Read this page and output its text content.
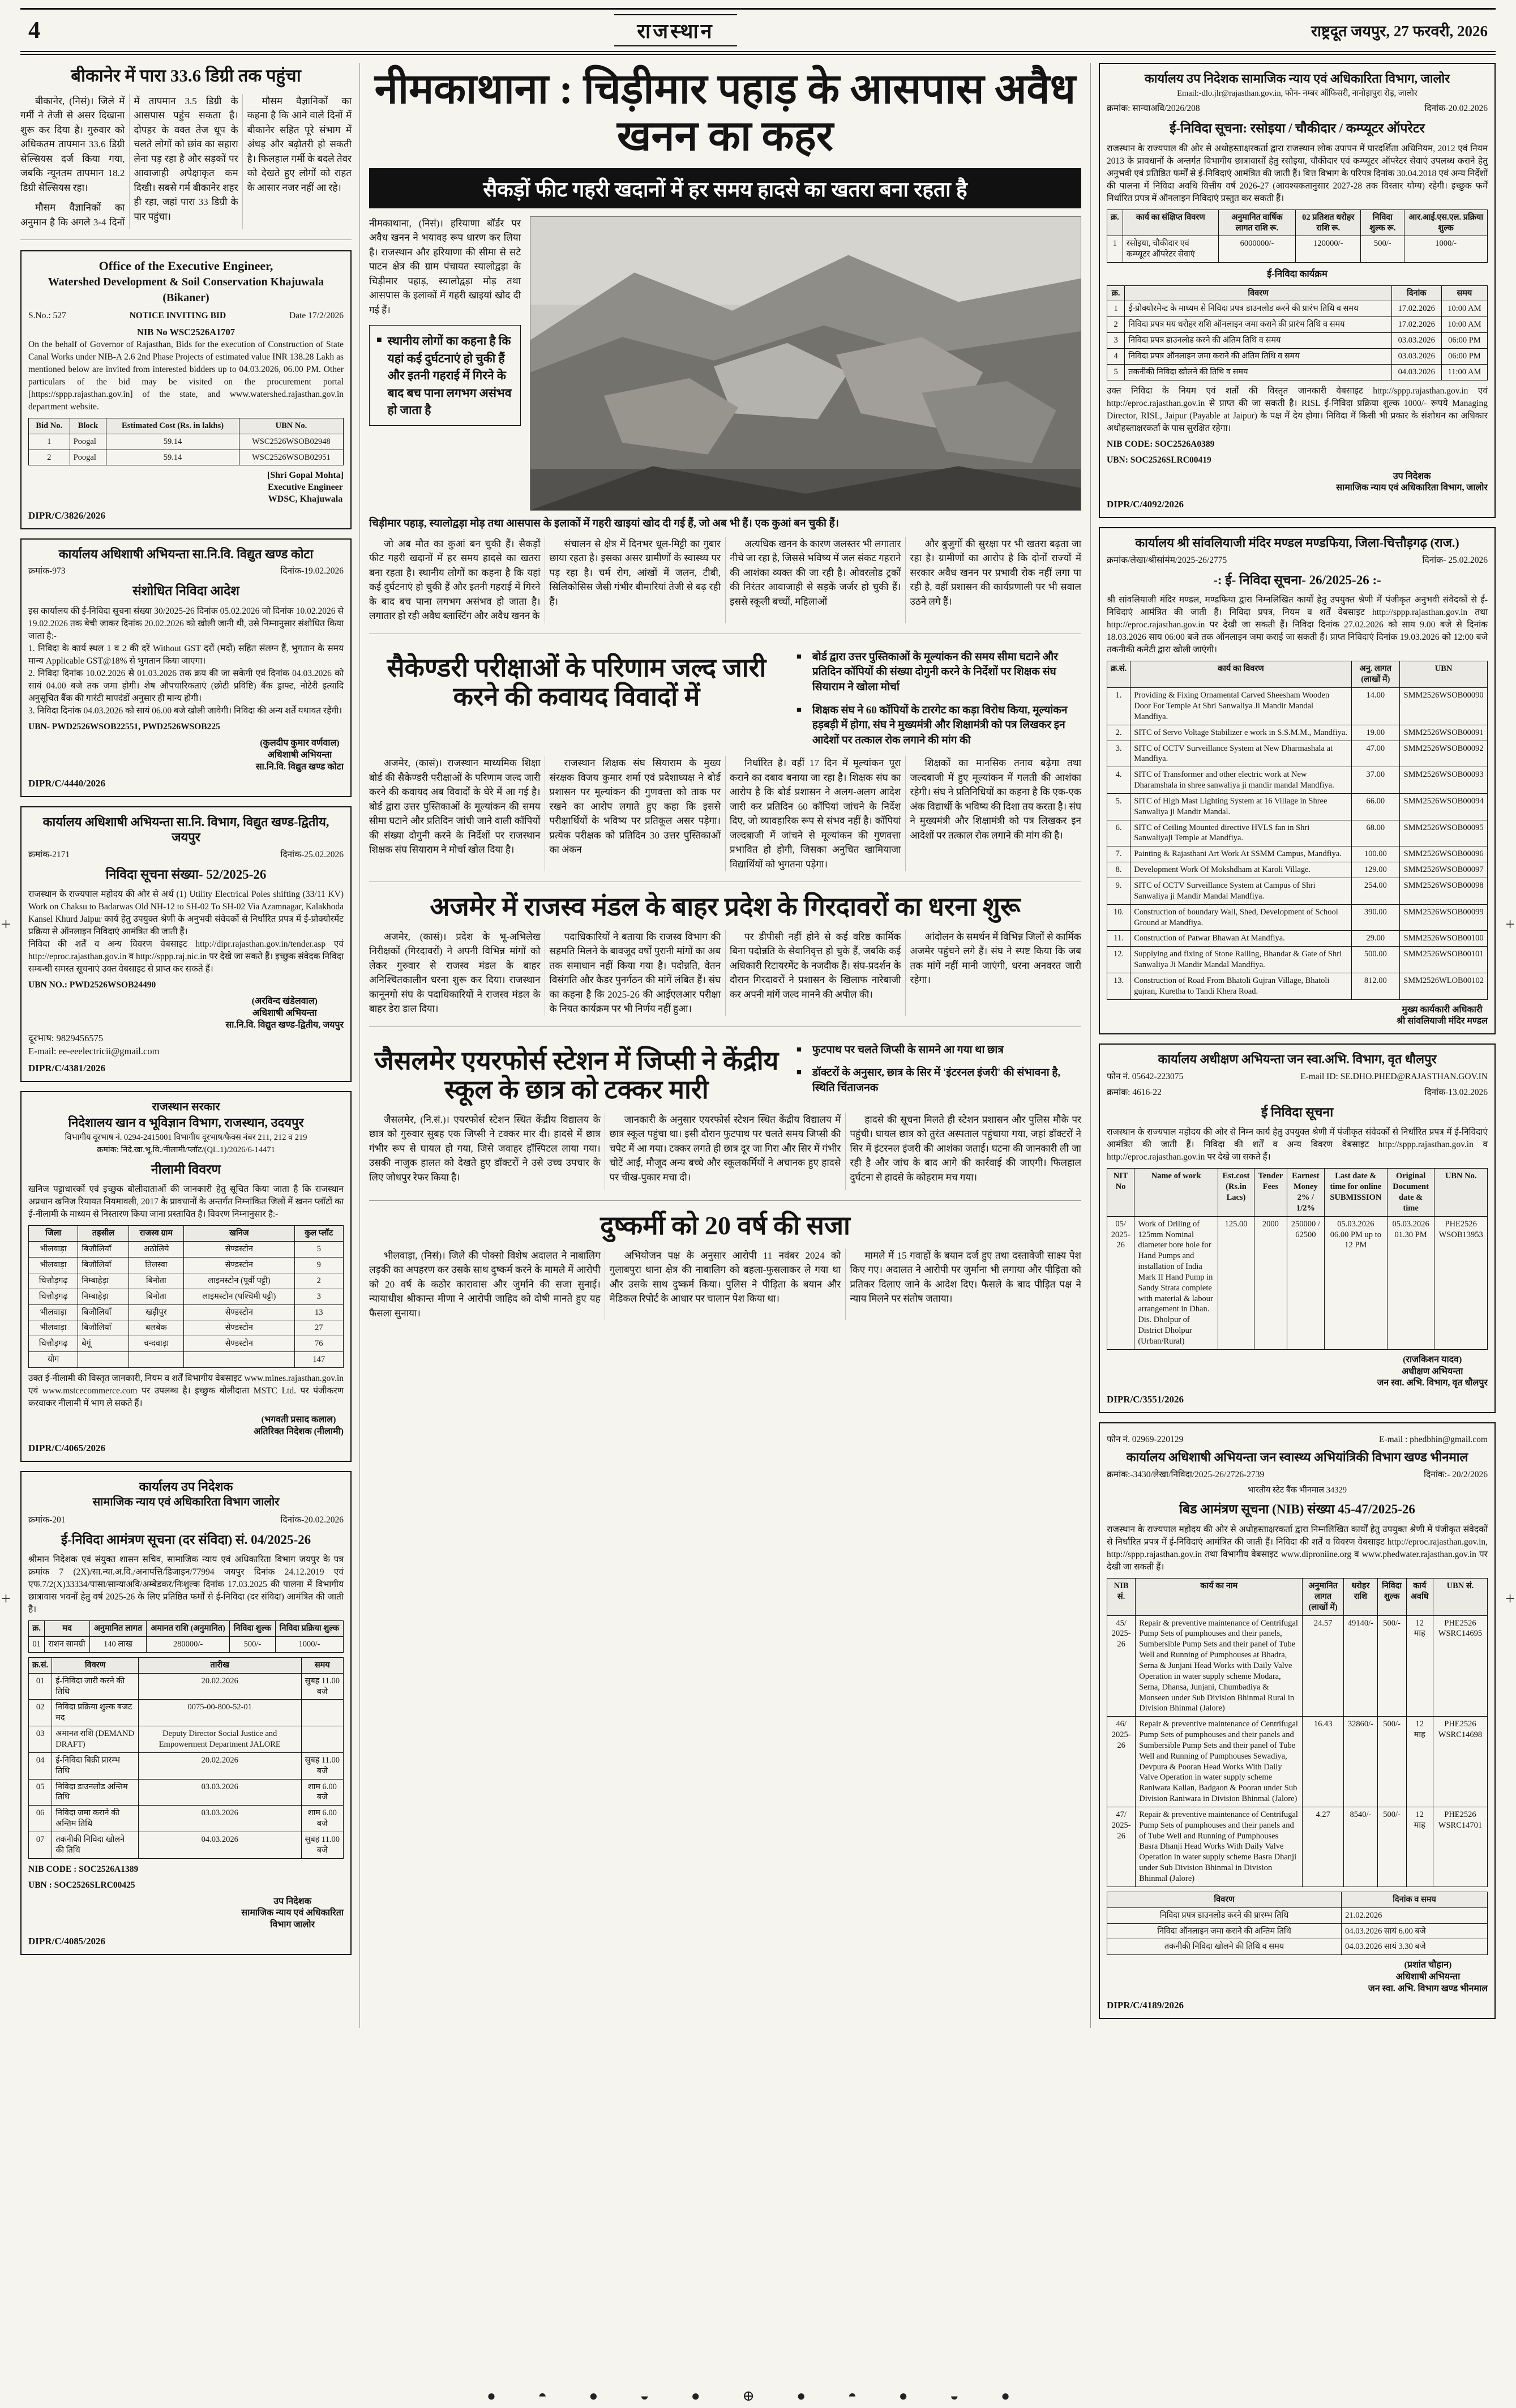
4	राजस्थान	राष्ट्रदूत जयपुर, 27 फरवरी, 2026
बीकानेर में पारा 33.6 डिग्री तक पहुंचा

बीकानेर, (निसं)। जिले में गर्मी ने तेजी से असर दिखाना शुरू कर दिया है। गुरुवार को अधिकतम तापमान 33.6 डिग्री सेल्सियस दर्ज किया गया, जबकि न्यूनतम तापमान 18.2 डिग्री सेल्सियस रहा।

मौसम वैज्ञानिकों का अनुमान है कि अगले 3-4 दिनों में तापमान 3.5 डिग्री के आसपास पहुंच सकता है। दोपहर के वक्त तेज धूप के चलते लोगों को छांव का सहारा लेना पड़ रहा है और सड़कों पर आवाजाही अपेक्षाकृत कम दिखी। सबसे गर्म बीकानेर शहर ही रहा, जहां पारा 33 डिग्री के पार पहुंचा।

मौसम वैज्ञानिकों का कहना है कि आने वाले दिनों में बीकानेर सहित पूरे संभाग में अंधड़ और बढ़ोतरी हो सकती है। फिलहाल गर्मी के बदले तेवर को देखते हुए लोगों को राहत के आसार नजर नहीं आ रहे।

Office of the Executive Engineer,
Watershed Development & Soil Conservation Khajuwala (Bikaner)
S.No.: 527	NOTICE INVITING BID	Date 17/2/2026
NIB No WSC2526A1707

On the behalf of Governor of Rajasthan, Bids for the execution of Construction of State Canal Works under NIB-A 2.6 2nd Phase Projects of estimated value INR 138.28 Lakh as mentioned below are invited from interested bidders up to 04.03.2026, 06.00 PM. Other particulars of the bid may be visited on the procurement portal [https://sppp.rajasthan.gov.in] of the state, and www.watershed.rajasthan.gov.in department website.

Bid No.	Block	Estimated Cost (Rs. in lakhs)	UBN No.
1	Poogal	59.14	WSC2526WSOB02948
2	Poogal	59.14	WSC2526WSOB02951
[Shri Gopal Mohta]
Executive Engineer
WDSC, Khajuwala
DIPR/C/3826/2026
कार्यालय अधिशाषी अभियन्ता सा.नि.वि. विद्युत खण्ड कोटा
क्रमांक-973	दिनांक-19.02.2026
संशोधित निविदा आदेश

इस कार्यालय की ई-निविदा सूचना संख्या 30/2025-26 दिनांक 05.02.2026 जो दिनांक 10.02.2026 से 19.02.2026 तक बेची जाकर दिनांक 20.02.2026 को खोली जानी थी, उसे निम्नानुसार संशोधित किया जाता है:-

1. निविदा के कार्य स्थल 1 व 2 की दरें Without GST दरों (मदों) सहित संलग्न हैं, भुगतान के समय मान्य Applicable GST@18% से भुगतान किया जाएगा।

2. निविदा दिनांक 10.02.2026 से 01.03.2026 तक क्रय की जा सकेगी एवं दिनांक 04.03.2026 को सायं 04.00 बजे तक जमा होगी। शेष औपचारिकताएं (छोटी प्रविष्टि) बैंक ड्राफ्ट, नोटेरी इत्यादि अनुसूचित बैंक की गारंटी मापदंडों अनुसार ही मान्य होगी।

3. निविदा दिनांक 04.03.2026 को सायं 06.00 बजे खोली जावेगी। निविदा की अन्य शर्तें यथावत रहेंगी।

UBN- PWD2526WSOB22551, PWD2526WSOB225
(कुलदीप कुमार वर्णवाल)
अधिशाषी अभियन्ता
सा.नि.वि. विद्युत खण्ड कोटा
DIPR/C/4440/2026
कार्यालय अधिशाषी अभियन्ता सा.नि. विभाग, विद्युत खण्ड-द्वितीय, जयपुर
क्रमांक-2171	दिनांक-25.02.2026
निविदा सूचना संख्या- 52/2025-26

राजस्थान के राज्यपाल महोदय की ओर से अर्थ (1) Utility Electrical Poles shifting (33/11 KV) Work on Chaksu to Badarwas Old NH-12 to SH-02 To SH-02 Via Azamnagar, Kalakhoda Kansel Khurd Jaipur कार्य हेतु उपयुक्त श्रेणी के अनुभवी संवेदकों से निर्धारित प्रपत्र में ई-प्रोक्योरमेंट प्रक्रिया से ऑनलाइन निविदाएं आमंत्रित की जाती हैं।

निविदा की शर्तें व अन्य विवरण वेबसाइट http://dipr.rajasthan.gov.in/tender.asp एवं http://eproc.rajasthan.gov.in व http://sppp.raj.nic.in पर देखे जा सकते हैं। इच्छुक संवेदक निविदा सम्बन्धी समस्त सूचनाएं उक्त वेबसाइट से प्राप्त कर सकते हैं।

UBN NO.: PWD2526WSOB24490
(अरविन्द खंडेलवाल)
अधिशाषी अभियन्ता
सा.नि.वि. विद्युत खण्ड-द्वितीय, जयपुर
दूरभाष: 9829456575
E-mail: ee-eeelectricii@gmail.com
DIPR/C/4381/2026
राजस्थान सरकार
निदेशालय खान व भूविज्ञान विभाग, राजस्थान, उदयपुर
विभागीय दूरभाष नं. 0294-2415001 विभागीय दूरभाष/फैक्स नंबर 211, 212 व 219
क्रमांक: निदे.खा.भू.वि./नीलामी/प्लॉट/(QL.1)/2026/6-14471
नीलामी विवरण

खनिज पट्टाधारकों एवं इच्छुक बोलीदाताओं की जानकारी हेतु सूचित किया जाता है कि राजस्थान अप्रधान खनिज रियायत नियमावली, 2017 के प्रावधानों के अन्तर्गत निम्नांकित जिलों में खनन प्लॉटों का ई-नीलामी के माध्यम से निस्तारण किया जाना प्रस्तावित है। विवरण निम्नानुसार है:-

जिला	तहसील	राजस्व ग्राम	खनिज	कुल प्लॉट
भीलवाड़ा	बिजौलियाँ	अठोलिये	सेण्डस्टोन	5
भीलवाड़ा	बिजौलियाँ	तिलस्वा	सेण्डस्टोन	9
चित्तौड़गढ़	निम्बाहेड़ा	बिनोता	लाइमस्टोन (पूर्वी पट्टी)	2
चित्तौड़गढ़	निम्बाहेड़ा	बिनोता	लाइमस्टोन (पश्चिमी पट्टी)	3
भीलवाड़ा	बिजौलियाँ	खड़ीपुर	सेण्डस्टोन	13
भीलवाड़ा	बिजौलियाँ	बलबेक	सेण्डस्टोन	27
चित्तौड़गढ़	बेगूं	चन्दवाड़ा	सेण्डस्टोन	76
योग				147

उक्त ई-नीलामी की विस्तृत जानकारी, नियम व शर्तें विभागीय वेबसाइट www.mines.rajasthan.gov.in एवं www.mstcecommerce.com पर उपलब्ध है। इच्छुक बोलीदाता MSTC Ltd. पर पंजीकरण करवाकर नीलामी में भाग ले सकते हैं।

(भगवती प्रसाद कलाल)
अतिरिक्त निदेशक (नीलामी)
DIPR/C/4065/2026
कार्यालय उप निदेशक
सामाजिक न्याय एवं अधिकारिता विभाग जालोर
क्रमांक-201	दिनांक-20.02.2026
ई-निविदा आमंत्रण सूचना (दर संविदा) सं. 04/2025-26

श्रीमान निदेशक एवं संयुक्त शासन सचिव, सामाजिक न्याय एवं अधिकारिता विभाग जयपुर के पत्र क्रमांक 7 (2X)/सा.न्या.अ.वि./अनापत्ति/डिजाइन/77994 जयपुर दिनांक 24.12.2019 एवं एफ.7/2(X)33334/पासा/सान्याअवि/अम्बेडकर/निःशुल्क दिनांक 17.03.2025 की पालना में विभागीय छात्रावास भवनों हेतु वर्ष 2025-26 के लिए प्रतिष्ठित फर्मों से ई-निविदा (दर संविदा) आमंत्रित की जाती है।

क्र.	मद	अनुमानित लागत	अमानत राशि (अनुमानित)	निविदा शुल्क	निविदा प्रक्रिया शुल्क
01	राशन सामग्री	140 लाख	280000/-	500/-	1000/-
क्र.सं.	विवरण	तारीख	समय
01	ई-निविदा जारी करने की तिथि	20.02.2026	सुबह 11.00 बजे
02	निविदा प्रक्रिया शुल्क बजट मद	0075-00-800-52-01	
03	अमानत राशि (DEMAND DRAFT)	Deputy Director Social Justice and Empowerment Department JALORE	
04	ई-निविदा बिक्री प्रारम्भ तिथि	20.02.2026	सुबह 11.00 बजे
05	निविदा डाउनलोड अन्तिम तिथि	03.03.2026	शाम 6.00 बजे
06	निविदा जमा कराने की अन्तिम तिथि	03.03.2026	शाम 6.00 बजे
07	तकनीकी निविदा खोलने की तिथि	04.03.2026	सुबह 11.00 बजे
NIB CODE : SOC2526A1389
UBN : SOC2526SLRC00425
उप निदेशक
सामाजिक न्याय एवं अधिकारिता
विभाग जालोर
DIPR/C/4085/2026
नीमकाथाना : चिड़ीमार पहाड़ के आसपास अवैध खनन का कहर
सैकड़ों फीट गहरी खदानों में हर समय हादसे का खतरा बना रहता है

नीमकाथाना, (निसं)। हरियाणा बॉर्डर पर अवैध खनन ने भयावह रूप धारण कर लिया है। राजस्थान और हरियाणा की सीमा से सटे पाटन क्षेत्र की ग्राम पंचायत स्यालोद्वड़ा के चिड़ीमार पहाड़, स्यालोद्वड़ा मोड़ तथा आसपास के इलाकों में गहरी खाइयां खोद दी गई हैं।

■ स्थानीय लोगों का कहना है कि यहां कई दुर्घटनाएं हो चुकी हैं और इतनी गहराई में गिरने के बाद बच पाना लगभग असंभव हो जाता है
चिड़ीमार पहाड़, स्यालोद्वड़ा मोड़ तथा आसपास के इलाकों में गहरी खाइयां खोद दी गई हैं, जो अब भी हैं। एक कुआं बन चुकी हैं।

जो अब मौत का कुआं बन चुकी हैं। सैकड़ों फीट गहरी खदानों में हर समय हादसे का खतरा बना रहता है। स्थानीय लोगों का कहना है कि यहां कई दुर्घटनाएं हो चुकी हैं और इतनी गहराई में गिरने के बाद बच पाना लगभग असंभव हो जाता है। लगातार हो रही अवैध ब्लास्टिंग और अवैध खनन के

संचालन से क्षेत्र में दिनभर धूल-मिट्टी का गुबार छाया रहता है। इसका असर ग्रामीणों के स्वास्थ्य पर पड़ रहा है। चर्म रोग, आंखों में जलन, टीबी, सिलिकोसिस जैसी गंभीर बीमारियां तेजी से बढ़ रही हैं।

अत्यधिक खनन के कारण जलस्तर भी लगातार नीचे जा रहा है, जिससे भविष्य में जल संकट गहराने की आशंका व्यक्त की जा रही है। ओवरलोड ट्रकों की निरंतर आवाजाही से सड़कें जर्जर हो चुकी हैं। इससे स्कूली बच्चों, महिलाओं

और बुजुर्गों की सुरक्षा पर भी खतरा बढ़ता जा रहा है। ग्रामीणों का आरोप है कि दोनों राज्यों में सरकार अवैध खनन पर प्रभावी रोक नहीं लगा पा रही है, वहीं प्रशासन की कार्यप्रणाली पर भी सवाल उठने लगे हैं।

सैकेण्डरी परीक्षाओं के परिणाम जल्द जारी करने की कवायद विवादों में
■ बोर्ड द्वारा उत्तर पुस्तिकाओं के मूल्यांकन की समय सीमा घटाने और प्रतिदिन कॉपियों की संख्या दोगुनी करने के निर्देशों पर शिक्षक संघ सियाराम ने खोला मोर्चा
■ शिक्षक संघ ने 60 कॉपियों के टारगेट का कड़ा विरोध किया, मूल्यांकन हड़बड़ी में होगा, संघ ने मुख्यमंत्री और शिक्षामंत्री को पत्र लिखकर इन आदेशों पर तत्काल रोक लगाने की मांग की

अजमेर, (कासं)। राजस्थान माध्यमिक शिक्षा बोर्ड की सैकेण्डरी परीक्षाओं के परिणाम जल्द जारी करने की कवायद अब विवादों के घेरे में आ गई है। बोर्ड द्वारा उत्तर पुस्तिकाओं के मूल्यांकन की समय सीमा घटाने और प्रतिदिन जांची जाने वाली कॉपियों की संख्या दोगुनी करने के निर्देशों पर राजस्थान शिक्षक संघ सियाराम ने मोर्चा खोल दिया है।

राजस्थान शिक्षक संघ सियाराम के मुख्य संरक्षक विजय कुमार शर्मा एवं प्रदेशाध्यक्ष ने बोर्ड प्रशासन पर मूल्यांकन की गुणवत्ता को ताक पर रखने का आरोप लगाते हुए कहा कि इससे परीक्षार्थियों के भविष्य पर प्रतिकूल असर पड़ेगा। प्रत्येक परीक्षक को प्रतिदिन 30 उत्तर पुस्तिकाओं का अंकन

निर्धारित है। वहीं 17 दिन में मूल्यांकन पूरा कराने का दबाव बनाया जा रहा है। शिक्षक संघ का आरोप है कि बोर्ड प्रशासन ने अलग-अलग आदेश जारी कर प्रतिदिन 60 कॉपियां जांचने के निर्देश दिए, जो व्यावहारिक रूप से संभव नहीं है। कॉपियां जल्दबाजी में जांचने से मूल्यांकन की गुणवत्ता प्रभावित हो होगी, जिसका अनुचित खामियाजा विद्यार्थियों को भुगतना पड़ेगा।

शिक्षकों का मानसिक तनाव बढ़ेगा तथा जल्दबाजी में हुए मूल्यांकन में गलती की आशंका रहेगी। संघ ने प्रतिनिधियों का कहना है कि एक-एक अंक विद्यार्थी के भविष्य की दिशा तय करता है। संघ ने मुख्यमंत्री और शिक्षामंत्री को पत्र लिखकर इन आदेशों पर तत्काल रोक लगाने की मांग की है।

अजमेर में राजस्व मंडल के बाहर प्रदेश के गिरदावरों का धरना शुरू

अजमेर, (कासं)। प्रदेश के भू-अभिलेख निरीक्षकों (गिरदावरों) ने अपनी विभिन्न मांगों को लेकर गुरुवार से राजस्व मंडल के बाहर अनिश्चितकालीन धरना शुरू कर दिया। राजस्थान कानूनगो संघ के पदाधिकारियों ने राजस्व मंडल के बाहर डेरा डाल दिया।

पदाधिकारियों ने बताया कि राजस्व विभाग की सहमति मिलने के बावजूद वर्षों पुरानी मांगों का अब तक समाधान नहीं किया गया है। पदोन्नति, वेतन विसंगति और कैडर पुनर्गठन की मांगें लंबित हैं। संघ का कहना है कि 2025-26 की आईएलआर परीक्षा के नियत कार्यक्रम पर भी निर्णय नहीं हुआ।

पर डीपीसी नहीं होने से कई वरिष्ठ कार्मिक बिना पदोन्नति के सेवानिवृत्त हो चुके हैं, जबकि कई अधिकारी रिटायरमेंट के नजदीक हैं। संघ-प्रदर्शन के दौरान गिरदावरों ने प्रशासन के खिलाफ नारेबाजी कर अपनी मांगें जल्द मानने की अपील की।

आंदोलन के समर्थन में विभिन्न जिलों से कार्मिक अजमेर पहुंचने लगे हैं। संघ ने स्पष्ट किया कि जब तक मांगें नहीं मानी जाएंगी, धरना अनवरत जारी रहेगा।

जैसलमेर एयरफोर्स स्टेशन में जिप्सी ने केंद्रीय स्कूल के छात्र को टक्कर मारी
■ फुटपाथ पर चलते जिप्सी के सामने आ गया था छात्र
■ डॉक्टरों के अनुसार, छात्र के सिर में 'इंटरनल इंजरी' की संभावना है, स्थिति चिंताजनक

जैसलमेर, (नि.सं.)। एयरफोर्स स्टेशन स्थित केंद्रीय विद्यालय के छात्र को गुरुवार सुबह एक जिप्सी ने टक्कर मार दी। हादसे में छात्र गंभीर रूप से घायल हो गया, जिसे जवाहर हॉस्पिटल लाया गया। उसकी नाजुक हालत को देखते हुए डॉक्टरों ने उसे उच्च उपचार के लिए जोधपुर रेफर किया है।

जानकारी के अनुसार एयरफोर्स स्टेशन स्थित केंद्रीय विद्यालय में छात्र स्कूल पहुंचा था। इसी दौरान फुटपाथ पर चलते समय जिप्सी की चपेट में आ गया। टक्कर लगते ही छात्र दूर जा गिरा और सिर में गंभीर चोटें आईं, मौजूद अन्य बच्चे और स्कूलकर्मियों ने अचानक हुए हादसे पर चीख-पुकार मचा दी।

हादसे की सूचना मिलते ही स्टेशन प्रशासन और पुलिस मौके पर पहुंची। घायल छात्र को तुरंत अस्पताल पहुंचाया गया, जहां डॉक्टरों ने सिर में इंटरनल इंजरी की आशंका जताई। घटना की जानकारी ली जा रही है और जांच के बाद आगे की कार्रवाई की जाएगी। फिलहाल दुर्घटना से हादसे के कोहराम मच गया।

दुष्कर्मी को 20 वर्ष की सजा

भीलवाड़ा, (निसं)। जिले की पोक्सो विशेष अदालत ने नाबालिग लड़की का अपहरण कर उसके साथ दुष्कर्म करने के मामले में आरोपी को 20 वर्ष के कठोर कारावास और जुर्माने की सजा सुनाई। न्यायाधीश श्रीकान्त मीणा ने आरोपी जाहिद को दोषी मानते हुए यह फैसला सुनाया।

अभियोजन पक्ष के अनुसार आरोपी 11 नवंबर 2024 को गुलाबपुरा थाना क्षेत्र की नाबालिग को बहला-फुसलाकर ले गया था और उसके साथ दुष्कर्म किया। पुलिस ने पीड़िता के बयान और मेडिकल रिपोर्ट के आधार पर चालान पेश किया था।

मामले में 15 गवाहों के बयान दर्ज हुए तथा दस्तावेजी साक्ष्य पेश किए गए। अदालत ने आरोपी पर जुर्माना भी लगाया और पीड़िता को प्रतिकर दिलाए जाने के आदेश दिए। फैसले के बाद पीड़ित पक्ष ने न्याय मिलने पर संतोष जताया।

कार्यालय उप निदेशक सामाजिक न्याय एवं अधिकारिता विभाग, जालोर
Email:-dlo.jlr@rajasthan.gov.in, फोन- नम्बर ऑफिसरी, नानोड़ापुरा रोड़, जालोर
क्रमांक: सान्याअवि/2026/208	दिनांक-20.02.2026
ई-निविदा सूचना: रसोइया / चौकीदार / कम्प्यूटर ऑपरेटर

राजस्थान के राज्यपाल की ओर से अधोहस्ताक्षरकर्ता द्वारा राजस्थान लोक उपापन में पारदर्शिता अधिनियम, 2012 एवं नियम 2013 के प्रावधानों के अन्तर्गत विभागीय छात्रावासों हेतु रसोइया, चौकीदार एवं कम्प्यूटर ऑपरेटर सेवाएं उपलब्ध कराने हेतु अनुभवी एवं प्रतिष्ठित फर्मों से ई-निविदाएं आमंत्रित की जाती हैं। वित्त विभाग के परिपत्र दिनांक 30.04.2018 एवं अन्य निर्देशों की पालना में निविदा अवधि वित्तीय वर्ष 2026-27 (आवश्यकतानुसार 2027-28 तक विस्तार योग्य) रहेगी। इच्छुक फर्में निर्धारित प्रपत्र में ऑनलाइन निविदाएं प्रस्तुत कर सकती हैं।

क्र.	कार्य का संक्षिप्त विवरण	अनुमानित वार्षिक लागत राशि रू.	02 प्रतिशत धरोहर राशि रू.	निविदा शुल्क रू.	आर.आई.एस.एल. प्रक्रिया शुल्क
1	रसोइया, चौकीदार एवं कम्प्यूटर ऑपरेटर सेवाएं	6000000/-	120000/-	500/-	1000/-
ई-निविदा कार्यक्रम
क्र.	विवरण	दिनांक	समय
1	ई-प्रोक्योरमेन्ट के माध्यम से निविदा प्रपत्र डाउनलोड करने की प्रारंभ तिथि व समय	17.02.2026	10:00 AM
2	निविदा प्रपत्र मय धरोहर राशि ऑनलाइन जमा कराने की प्रारंभ तिथि व समय	17.02.2026	10:00 AM
3	निविदा प्रपत्र डाउनलोड करने की अंतिम तिथि व समय	03.03.2026	06:00 PM
4	निविदा प्रपत्र ऑनलाइन जमा कराने की अंतिम तिथि व समय	03.03.2026	06:00 PM
5	तकनीकी निविदा खोलने की तिथि व समय	04.03.2026	11:00 AM

उक्त निविदा के नियम एवं शर्तों की विस्तृत जानकारी वेबसाइट http://sppp.rajasthan.gov.in एवं http://eproc.rajasthan.gov.in से प्राप्त की जा सकती है। RISL ई-निविदा प्रक्रिया शुल्क 1000/- रूपये Managing Director, RISL, Jaipur (Payable at Jaipur) के पक्ष में देय होगा। निविदा में किसी भी प्रकार के संशोधन का अधिकार अधोहस्ताक्षरकर्ता के पास सुरक्षित रहेगा।

NIB CODE: SOC2526A0389
UBN: SOC2526SLRC00419
उप निदेशक
सामाजिक न्याय एवं अधिकारिता विभाग, जालोर
DIPR/C/4092/2026
कार्यालय श्री सांवलियाजी मंदिर मण्डल मण्डफिया, जिला-चित्तौड़गढ़ (राज.)
क्रमांक/लेखा/श्रीसांमंम/2025-26/2775	दिनांक- 25.02.2026
-: ई- निविदा सूचना- 26/2025-26 :-

श्री सांवलियाजी मंदिर मण्डल, मण्डफिया द्वारा निम्नलिखित कार्यों हेतु उपयुक्त श्रेणी में पंजीकृत अनुभवी संवेदकों से ई-निविदाएं आमंत्रित की जाती हैं। निविदा प्रपत्र, नियम व शर्तें वेबसाइट http://sppp.rajasthan.gov.in तथा http://eproc.rajasthan.gov.in पर देखी जा सकती हैं। निविदा दिनांक 27.02.2026 को साय 9.00 बजे से दिनांक 18.03.2026 साय 06:00 बजे तक ऑनलाइन जमा कराई जा सकती हैं। प्राप्त निविदाएं दिनांक 19.03.2026 को 12:00 बजे तकनीकी कमेटी द्वारा खोली जाएंगी।

क्र.सं.	कार्य का विवरण	अनु. लागत (लाखों में)	UBN
1.	Providing & Fixing Ornamental Carved Sheesham Wooden Door For Temple At Shri Sanwaliya Ji Mandir Mandal Mandfiya.	14.00	SMM2526WSOB00090
2.	SITC of Servo Voltage Stabilizer e work in S.S.M.M., Mandfiya.	19.00	SMM2526WSOB00091
3.	SITC of CCTV Surveillance System at New Dharmashala at Mandfiya.	47.00	SMM2526WSOB00092
4.	SITC of Transformer and other electric work at New Dharamshala in shree sanwaliya ji mandir mandal Mandfiya.	37.00	SMM2526WSOB00093
5.	SITC of High Mast Lighting System at 16 Village in Shree Sanwaliya ji Mandir Mandal.	66.00	SMM2526WSOB00094
6.	SITC of Ceiling Mounted directive HVLS fan in Shri Sanwaliyaji Temple at Mandfiya.	68.00	SMM2526WSOB00095
7.	Painting & Rajasthani Art Work At SSMM Campus, Mandfiya.	100.00	SMM2526WSOB00096
8.	Development Work Of Mokshdham at Karoli Village.	129.00	SMM2526WSOB00097
9.	SITC of CCTV Surveillance System at Campus of Shri Sanwaliya ji Mandir Mandal Mandfiya.	254.00	SMM2526WSOB00098
10.	Construction of boundary Wall, Shed, Development of School Ground at Mandfiya.	390.00	SMM2526WSOB00099
11.	Construction of Patwar Bhawan At Mandfiya.	29.00	SMM2526WSOB00100
12.	Supplying and fixing of Stone Railing, Bhandar & Gate of Shri Sanwaliya Ji Mandir Mandal Mandfiya.	500.00	SMM2526WSOB00101
13.	Construction of Road From Bhatoli Gujran Village, Bhatoli gujran, Kuretha to Tandi Khera Road.	812.00	SMM2526WLOB00102
मुख्य कार्यकारी अधिकारी
श्री सांवलियाजी मंदिर मण्डल
कार्यालय अधीक्षण अभियन्ता जन स्वा.अभि. विभाग, वृत धौलपुर
फोन नं. 05642-223075	E-mail ID: SE.DHO.PHED@RAJASTHAN.GOV.IN
क्रमांक: 4616-22	दिनांक-13.02.2026
ई निविदा सूचना

राजस्थान के राज्यपाल महोदय की ओर से निम्न कार्य हेतु उपयुक्त श्रेणी में पंजीकृत संवेदकों से निर्धारित प्रपत्र में ई-निविदाएं आमंत्रित की जाती हैं। निविदा की शर्तें व अन्य विवरण वेबसाइट http://sppp.rajasthan.gov.in व http://eproc.rajasthan.gov.in पर देखे जा सकते हैं।

NIT No	Name of work	Est.cost (Rs.in Lacs)	Tender Fees	Earnest Money 2% / 1/2%	Last date & time for online SUBMISSION	Original Document date & time	UBN No.
05/ 2025-26	Work of Driling of 125mm Nominal diameter bore hole for Hand Pumps and installation of India Mark II Hand Pump in Sandy Strata complete with material & labour arrangement in Dhan. Dis. Dholpur of District Dholpur (Urban/Rural)	125.00	2000	250000 / 62500	05.03.2026 06.00 PM up to 12 PM	05.03.2026 01.30 PM	PHE2526 WSOB13953
(राजकिशन यादव)
अधीक्षण अभियन्ता
जन स्वा. अभि. विभाग, वृत धौलपुर
DIPR/C/3551/2026
फोन नं. 02969-220129	E-mail : phedbhin@gmail.com
कार्यालय अधिशाषी अभियन्ता जन स्वास्थ्य अभियांत्रिकी विभाग खण्ड भीनमाल
क्रमांक:-3430/लेखा/निविदा/2025-26/2726-2739	दिनांक:- 20/2/2026
भारतीय स्टेट बैंक भीनमाल 34329
बिड आमंत्रण सूचना (NIB) संख्या 45-47/2025-26

राजस्थान के राज्यपाल महोदय की ओर से अधोहस्ताक्षरकर्ता द्वारा निम्नलिखित कार्यों हेतु उपयुक्त श्रेणी में पंजीकृत संवेदकों से निर्धारित प्रपत्र में ई-निविदाएं आमंत्रित की जाती हैं। निविदा की शर्तें व विवरण वेबसाइट http://eproc.rajasthan.gov.in, http://sppp.rajasthan.gov.in तथा विभागीय वेबसाइट www.diproniine.org व www.phedwater.rajasthan.gov.in पर देखी जा सकती हैं।

NIB सं.	कार्य का नाम	अनुमानित लागत (लाखों में)	धरोहर राशि	निविदा शुल्क	कार्य अवधि	UBN सं.
45/ 2025-26	Repair & preventive maintenance of Centrifugal Pump Sets of pumphouses and their panels, Sumbersible Pump Sets and their panel of Tube Well and Running of Pumphouses at Bhadra, Serna & Junjani Head Works with Daily Valve Operation in water supply scheme Modara, Serna, Dhansa, Junjani, Chumbadiya & Monseen under Sub Division Bhinmal Rural in Division Bhinmal (Jalore)	24.57	49140/-	500/-	12 माह	PHE2526 WSRC14695
46/ 2025-26	Repair & preventive maintenance of Centrifugal Pump Sets of pumphouses and their panels and Sumbersible Pump Sets and their panel of Tube Well and Running of Pumphouses Sewadiya, Devpura & Pooran Head Works With Daily Valve Operation in water supply scheme Raniwara Kallan, Badgaon & Pooran under Sub Division Raniwara in Division Bhinmal (Jalore)	16.43	32860/-	500/-	12 माह	PHE2526 WSRC14698
47/ 2025-26	Repair & preventive maintenance of Centrifugal Pump Sets of pumphouses and their panels and of Tube Well and Running of Pumphouses Basra Dhanji Head Works With Daily Valve Operation in water supply scheme Basra Dhanji under Sub Division Bhinmal in Division Bhinmal (Jalore)	4.27	8540/-	500/-	12 माह	PHE2526 WSRC14701
विवरण	दिनांक व समय
निविदा प्रपत्र डाउनलोड करने की प्रारम्भ तिथि	21.02.2026
निविदा ऑनलाइन जमा कराने की अन्तिम तिथि	04.03.2026 सायं 6.00 बजे
तकनीकी निविदा खोलने की तिथि व समय	04.03.2026 सायं 3.30 बजे
(प्रशांत चौहान)
अधिशाषी अभियन्ता
जन स्वा. अभि. विभाग खण्ड भीनमाल
DIPR/C/4189/2026
+	+
+	+
● ◓ ● ◒ ● ⊕ ● ◓ ● ◒ ●
